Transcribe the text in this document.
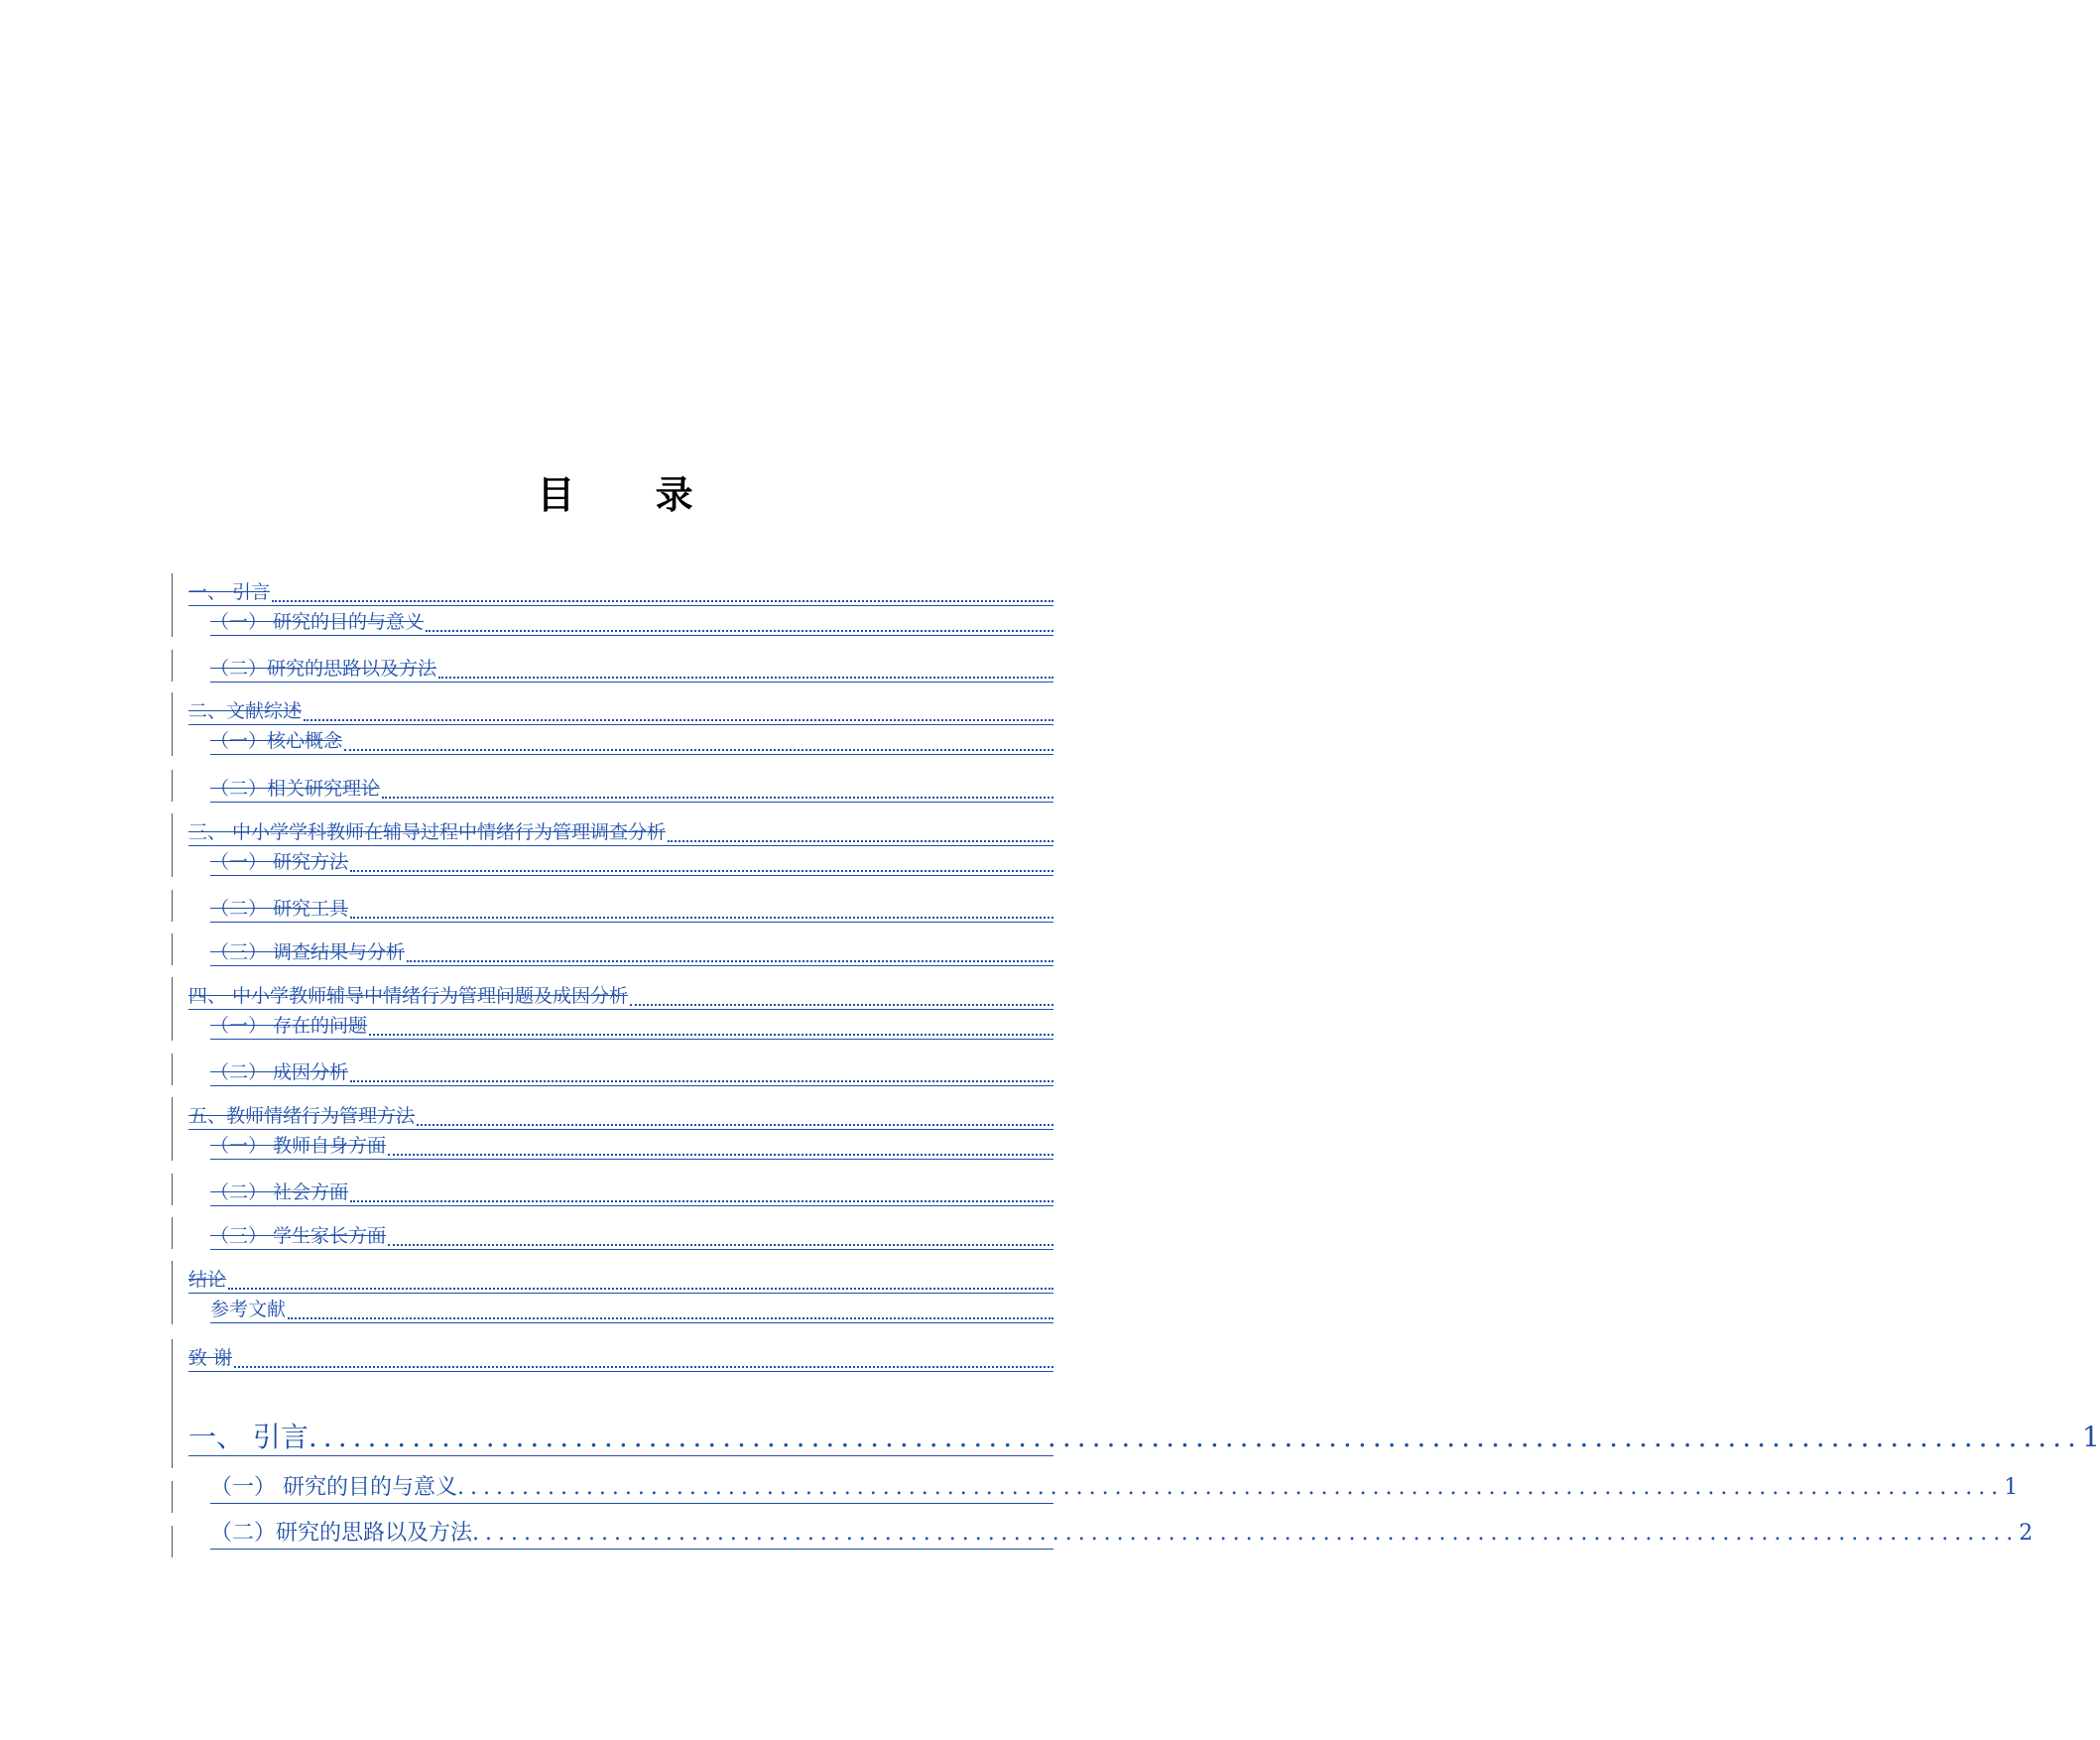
目 录
一、 引言
（一） 研究的目的与意义
（二）研究的思路以及方法
二、文献综述
（一）核心概念
（二）相关研究理论
三、 中小学学科教师在辅导过程中情绪行为管理调查分析
（一） 研究方法
（二） 研究工具
（三） 调查结果与分析
四、 中小学教师辅导中情绪行为管理问题及成因分析
（一） 存在的问题
（二） 成因分析
五、教师情绪行为管理方法
（一） 教师自身方面
（二） 社会方面
（三） 学生家长方面
结论
参考文献
致 谢
一、 引言 ........................................................................................................................ 1
（一） 研究的目的与意义 ........................................................................................................................ 1
（二）研究的思路以及方法 ........................................................................................................................ 2
